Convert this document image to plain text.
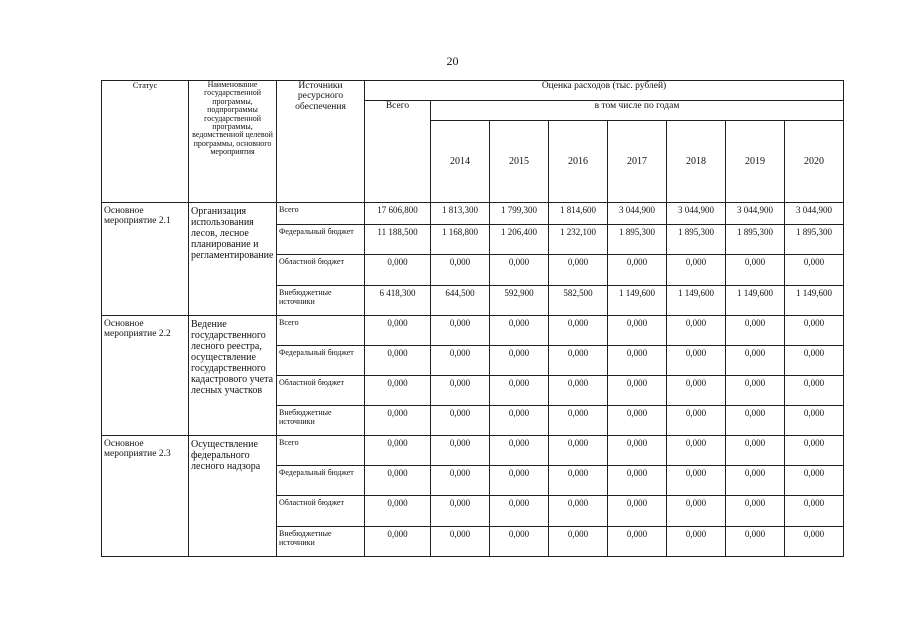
20
Статус	Наименование государственной программы, подпрограммы государственной программы, ведомственной целевой программы, основного мероприятия	Источники ресурсного обеспечения	Оценка расходов (тыс. рублей)							
			Всего	в том числе по годам						
				2014	2015	2016	2017	2018	2019	2020
Основное мероприятие 2.1	Организация использования лесов, лесное планирование и регламентирование	Всего	17 606,800	1 813,300	1 799,300	1 814,600	3 044,900	3 044,900	3 044,900	3 044,900
		Федеральный бюджет	11 188,500	1 168,800	1 206,400	1 232,100	1 895,300	1 895,300	1 895,300	1 895,300
		Областной бюджет	0,000	0,000	0,000	0,000	0,000	0,000	0,000	0,000
		Внебюджетные источники	6 418,300	644,500	592,900	582,500	1 149,600	1 149,600	1 149,600	1 149,600
Основное мероприятие 2.2	Ведение государственного лесного реестра, осуществление государственного кадастрового учета лесных участков	Всего	0,000	0,000	0,000	0,000	0,000	0,000	0,000	0,000
		Федеральный бюджет	0,000	0,000	0,000	0,000	0,000	0,000	0,000	0,000
		Областной бюджет	0,000	0,000	0,000	0,000	0,000	0,000	0,000	0,000
		Внебюджетные источники	0,000	0,000	0,000	0,000	0,000	0,000	0,000	0,000
Основное мероприятие 2.3	Осуществление федерального лесного надзора	Всего	0,000	0,000	0,000	0,000	0,000	0,000	0,000	0,000
		Федеральный бюджет	0,000	0,000	0,000	0,000	0,000	0,000	0,000	0,000
		Областной бюджет	0,000	0,000	0,000	0,000	0,000	0,000	0,000	0,000
		Внебюджетные источники	0,000	0,000	0,000	0,000	0,000	0,000	0,000	0,000
